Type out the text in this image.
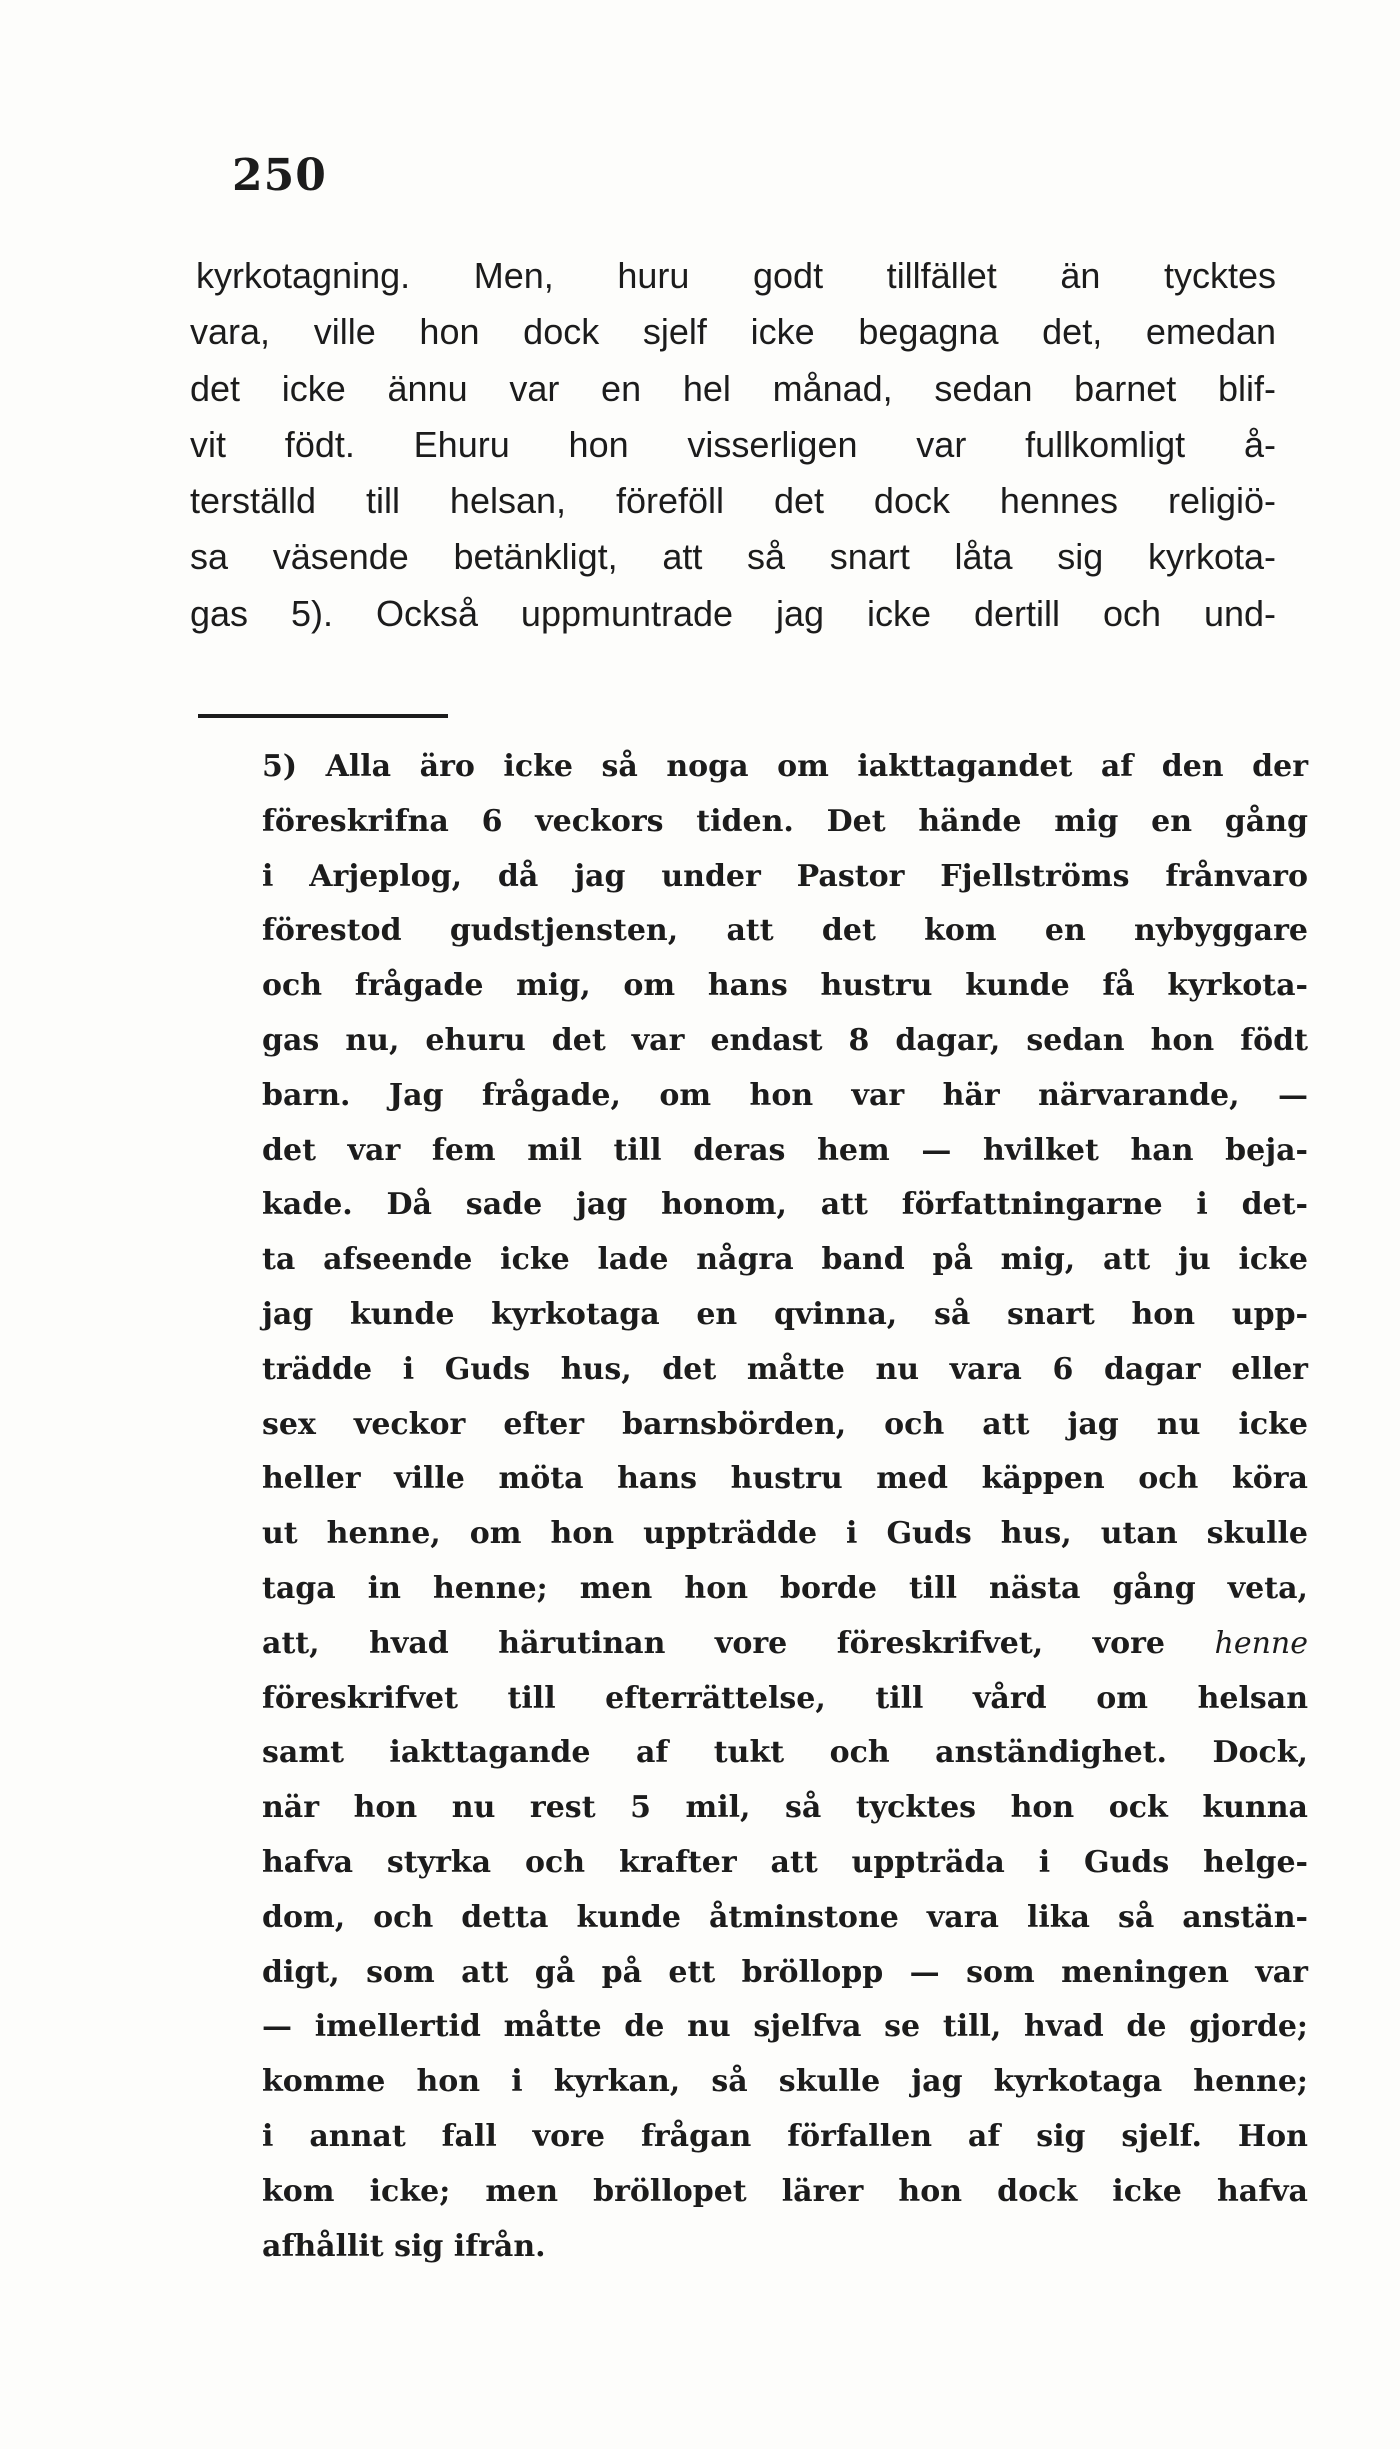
250
kyrkotagning. Men, huru godt tillfället än tycktes
vara, ville hon dock sjelf icke begagna det, emedan
det icke ännu var en hel månad, sedan barnet blif-
vit födt. Ehuru hon visserligen var fullkomligt å-
terställd till helsan, föreföll det dock hennes religiö-
sa väsende betänkligt, att så snart låta sig kyrkota-
gas 5). Också uppmuntrade jag icke dertill och und-
5) Alla äro icke så noga om iakttagandet af den der
föreskrifna 6 veckors tiden. Det hände mig en gång
i Arjeplog, då jag under Pastor Fjellströms frånvaro
förestod gudstjensten, att det kom en nybyggare
och frågade mig, om hans hustru kunde få kyrkota-
gas nu, ehuru det var endast 8 dagar, sedan hon födt
barn. Jag frågade, om hon var här närvarande, —
det var fem mil till deras hem — hvilket han beja-
kade. Då sade jag honom, att författningarne i det-
ta afseende icke lade några band på mig, att ju icke
jag kunde kyrkotaga en qvinna, så snart hon upp-
trädde i Guds hus, det måtte nu vara 6 dagar eller
sex veckor efter barnsbörden, och att jag nu icke
heller ville möta hans hustru med käppen och köra
ut henne, om hon uppträdde i Guds hus, utan skulle
taga in henne; men hon borde till nästa gång veta,
att, hvad härutinan vore föreskrifvet, vore henne
föreskrifvet till efterrättelse, till vård om helsan
samt iakttagande af tukt och anständighet. Dock,
när hon nu rest 5 mil, så tycktes hon ock kunna
hafva styrka och krafter att uppträda i Guds helge-
dom, och detta kunde åtminstone vara lika så anstän-
digt, som att gå på ett bröllopp — som meningen var
— imellertid måtte de nu sjelfva se till, hvad de gjorde;
komme hon i kyrkan, så skulle jag kyrkotaga henne;
i annat fall vore frågan förfallen af sig sjelf. Hon
kom icke; men bröllopet lärer hon dock icke hafva
afhållit sig ifrån.
